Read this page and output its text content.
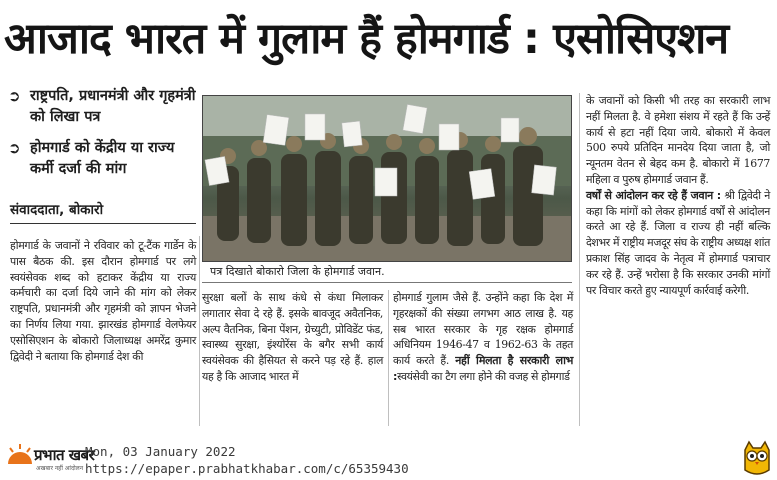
आजाद भारत में गुलाम हैं होमगार्ड : एसोसिएशन
➲ राष्ट्रपति, प्रधानमंत्री और गृहमंत्री को लिखा पत्र
➲ होमगार्ड को केंद्रीय या राज्य कर्मी दर्जा की मांग
संवाददाता, बोकारो

होमगार्ड के जवानों ने रविवार को टू-टैंक गार्डेन के पास बैठक की. इस दौरान होमगार्ड पर लगे स्वयंसेवक शब्द को हटाकर केंद्रीय या राज्य कर्मचारी का दर्जा दिये जाने की मांग को लेकर राष्ट्रपति, प्रधानमंत्री और गृहमंत्री को ज्ञापन भेजने का निर्णय लिया गया. झारखंड होमगार्ड वेलफेयर एसोसिएशन के बोकारो जिलाध्यक्ष अमरेंद्र कुमार द्विवेदी ने बताया कि होमगार्ड देश की

पत्र दिखाते बोकारो जिला के होमगार्ड जवान.

सुरक्षा बलों के साथ कंधे से कंधा मिलाकर लगातार सेवा दे रहे हैं. इसके बावजूद अवैतनिक, अल्प वैतनिक, बिना पेंशन, ग्रेच्युटी, प्रोविडेंट फंड, स्वास्थ्य सुरक्षा, इंश्योरेंस के बगैर सभी कार्य स्वयंसेवक की हैसियत से करने पड़ रहे हैं. हाल यह है कि आजाद भारत में

होमगार्ड गुलाम जैसे हैं. उन्होंने कहा कि देश में गृहरक्षकों की संख्या लगभग आठ लाख है. यह सब भारत सरकार के गृह रक्षक होमगार्ड अधिनियम 1946-47 व 1962-63 के तहत कार्य करते हैं. नहीं मिलता है सरकारी लाभ :स्वयंसेवी का टैग लगा होने की वजह से होमगार्ड

के जवानों को किसी भी तरह का सरकारी लाभ नहीं मिलता है. वे हमेशा संशय में रहते हैं कि उन्हें कार्य से हटा नहीं दिया जाये. बोकारो में केवल 500 रुपये प्रतिदिन मानदेय दिया जाता है, जो न्यूनतम वेतन से बेहद कम है. बोकारो में 1677 महिला व पुरुष होमगार्ड जवान हैं.

वर्षों से आंदोलन कर रहे हैं जवान : श्री द्विवेदी ने कहा कि मांगों को लेकर होमगार्ड वर्षों से आंदोलन करते आ रहे हैं. जिला व राज्य ही नहीं बल्कि देशभर में राष्ट्रीय मजदूर संघ के राष्ट्रीय अध्यक्ष शांत प्रकाश सिंह जादव के नेतृत्व में होमगार्ड पत्राचार कर रहे हैं. उन्हें भरोसा है कि सरकार उनकी मांगों पर विचार करते हुए न्यायपूर्ण कार्रवाई करेगी.

प्रभात खबर
अखबार नहीं आंदोलन
Mon, 03 January 2022
https://epaper.prabhatkhabar.com/c/65359430
